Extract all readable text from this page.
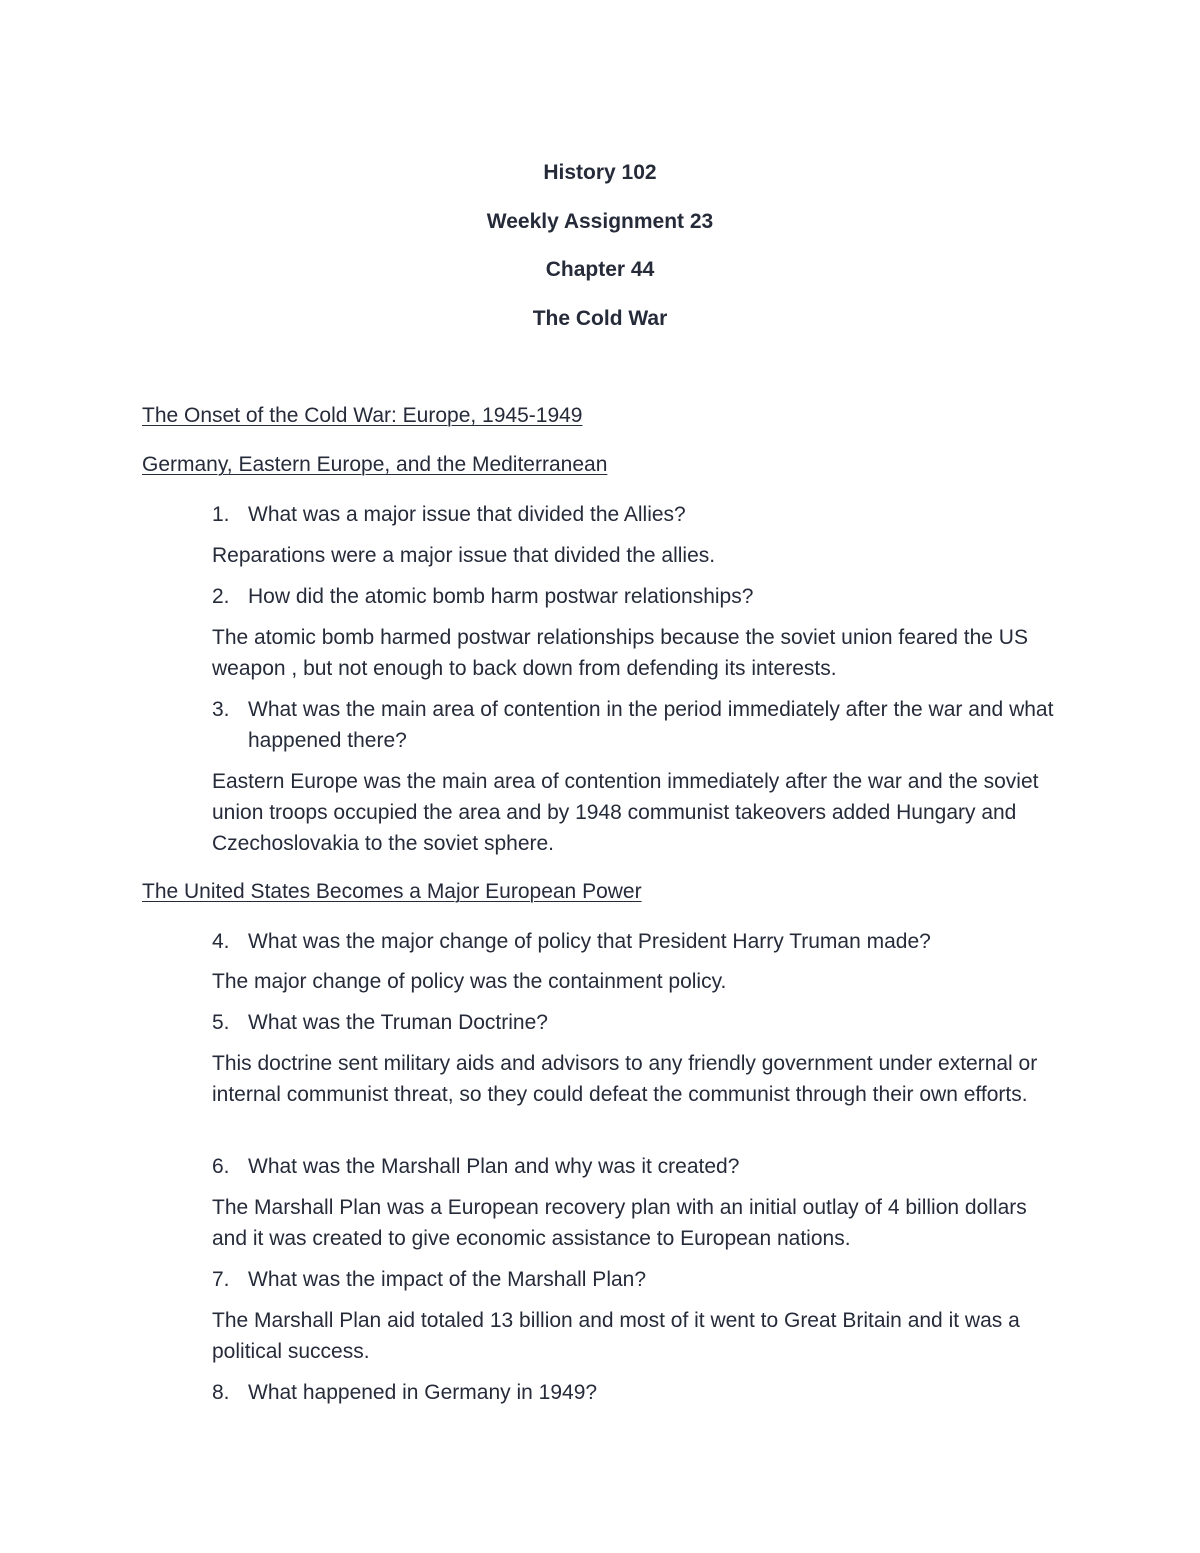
History 102
Weekly Assignment 23
Chapter 44
The Cold War
The Onset of the Cold War: Europe, 1945-1949
Germany, Eastern Europe, and the Mediterranean
1. What was a major issue that divided the Allies?
Reparations were a major issue that divided the allies.
2. How did the atomic bomb harm postwar relationships?
The atomic bomb harmed postwar relationships because the soviet union feared the US weapon , but not enough to back down from defending its interests.
3. What was the main area of contention in the period immediately after the war and what happened there?
Eastern Europe was the main area of contention immediately after the war and the soviet union troops occupied the area and by 1948 communist takeovers added Hungary and Czechoslovakia to the soviet sphere.
The United States Becomes a Major European Power
4. What was the major change of policy that President Harry Truman made?
The major change of policy was the containment policy.
5. What was the Truman Doctrine?
This doctrine sent military aids and advisors to any friendly government under external or internal communist threat, so they could defeat the communist through their own efforts.
6. What was the Marshall Plan and why was it created?
The Marshall Plan was a European recovery plan with an initial outlay of 4 billion dollars and it was created to give economic assistance to European nations.
7. What was the impact of the Marshall Plan?
The Marshall Plan aid totaled 13 billion and most of it went to Great Britain and it was a political success.
8. What happened in Germany in 1949?
